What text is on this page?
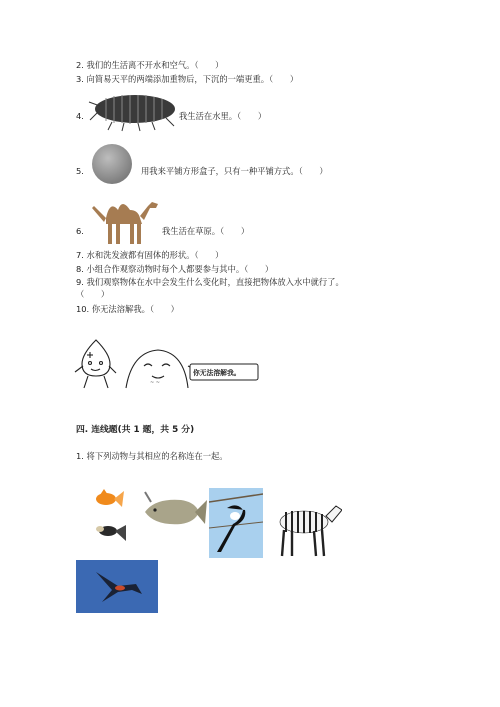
2. 我们的生活离不开水和空气。（　　）
3. 向简易天平的两端添加重物后，下沉的一端更重。（　　）
4.	我生活在水里。（　　）
5.	用我来平铺方形盒子，只有一种平铺方式。（　　）
6.	我生活在草原。（　　）
7. 水和洗发液都有固体的形状。（　　）
8. 小组合作观察动物时每个人都要参与其中。（　　）
9. 我们观察物体在水中会发生什么变化时，直接把物体放入水中就行了。
（　　）
10. 你无法溶解我。（　　）
~ ~
你无法溶解我。
四. 连线题(共 1 题，共 5 分)
1. 将下列动物与其相应的名称连在一起。
